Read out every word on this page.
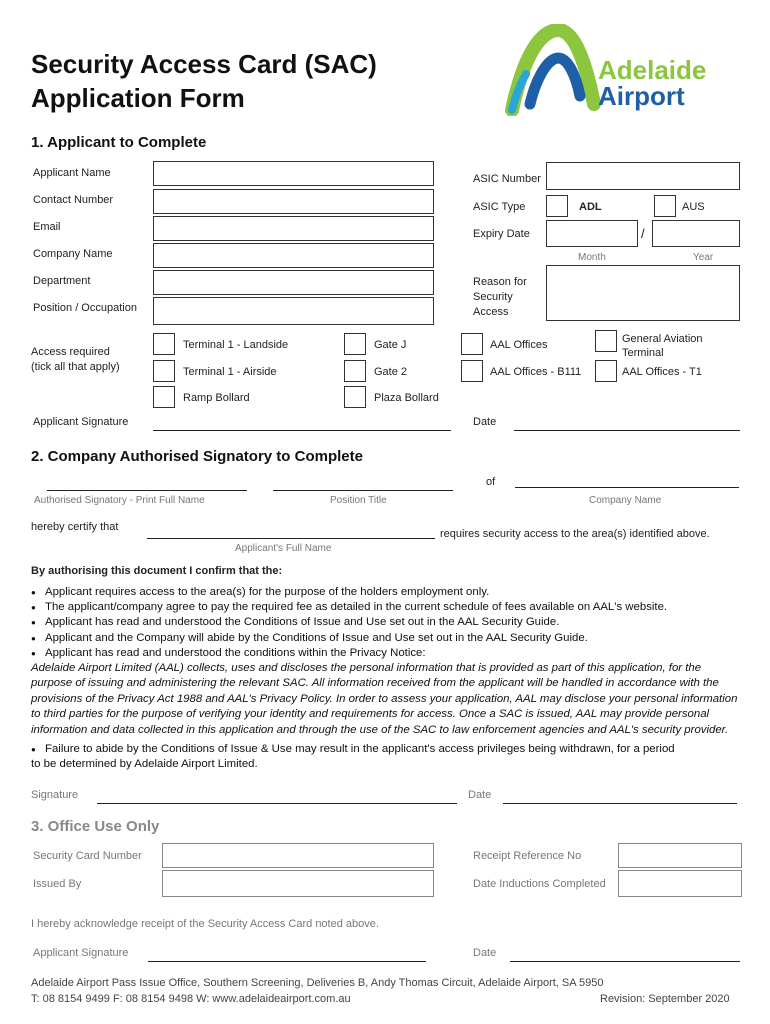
Security Access Card (SAC)
Application Form
Adelaide
Airport
1. Applicant to Complete
Applicant Name
Contact Number
Email
Company Name
Department
Position / Occupation
ASIC Number
ASIC Type	ADL	AUS
Expiry Date	/
Month	Year
Reason for
Security
Access
Access required
(tick all that apply)
Terminal 1 - Landside	Gate J	AAL Offices	General Aviation
Terminal
Terminal 1 - Airside	Gate 2	AAL Offices - B111	AAL Offices - T1
Ramp Bollard	Plaza Bollard
Applicant Signature	Date
2. Company Authorised Signatory to Complete
of
Authorised Signatory - Print Full Name	Position Title	Company Name
hereby certify that
requires security access to the area(s) identified above.
Applicant's Full Name
By authorising this document I confirm that the:
● Applicant requires access to the area(s) for the purpose of the holders employment only.
● The applicant/company agree to pay the required fee as detailed in the current schedule of fees available on AAL's website.
● Applicant has read and understood the Conditions of Issue and Use set out in the AAL Security Guide.
● Applicant and the Company will abide by the Conditions of Issue and Use set out in the AAL Security Guide.
● Applicant has read and understood the conditions within the Privacy Notice:
Adelaide Airport Limited (AAL) collects, uses and discloses the personal information that is provided as part of this application, for the purpose of issuing and administering the relevant SAC. All information received from the applicant will be handled in accordance with the provisions of the Privacy Act 1988 and AAL's Privacy Policy. In order to assess your application, AAL may disclose your personal information to third parties for the purpose of verifying your identity and requirements for access. Once a SAC is issued, AAL may provide personal information and data collected in this application and through the use of the SAC to law enforcement agencies and AAL's security provider.
● Failure to abide by the Conditions of Issue & Use may result in the applicant's access privileges being withdrawn, for a period
to be determined by Adelaide Airport Limited.
Signature	Date
3. Office Use Only
Security Card Number	Receipt Reference No
Issued By	Date Inductions Completed
I hereby acknowledge receipt of the Security Access Card noted above.
Applicant Signature	Date
Adelaide Airport Pass Issue Office, Southern Screening, Deliveries B, Andy Thomas Circuit, Adelaide Airport, SA 5950
T: 08 8154 9499 F: 08 8154 9498 W: www.adelaideairport.com.au	Revision: September 2020
